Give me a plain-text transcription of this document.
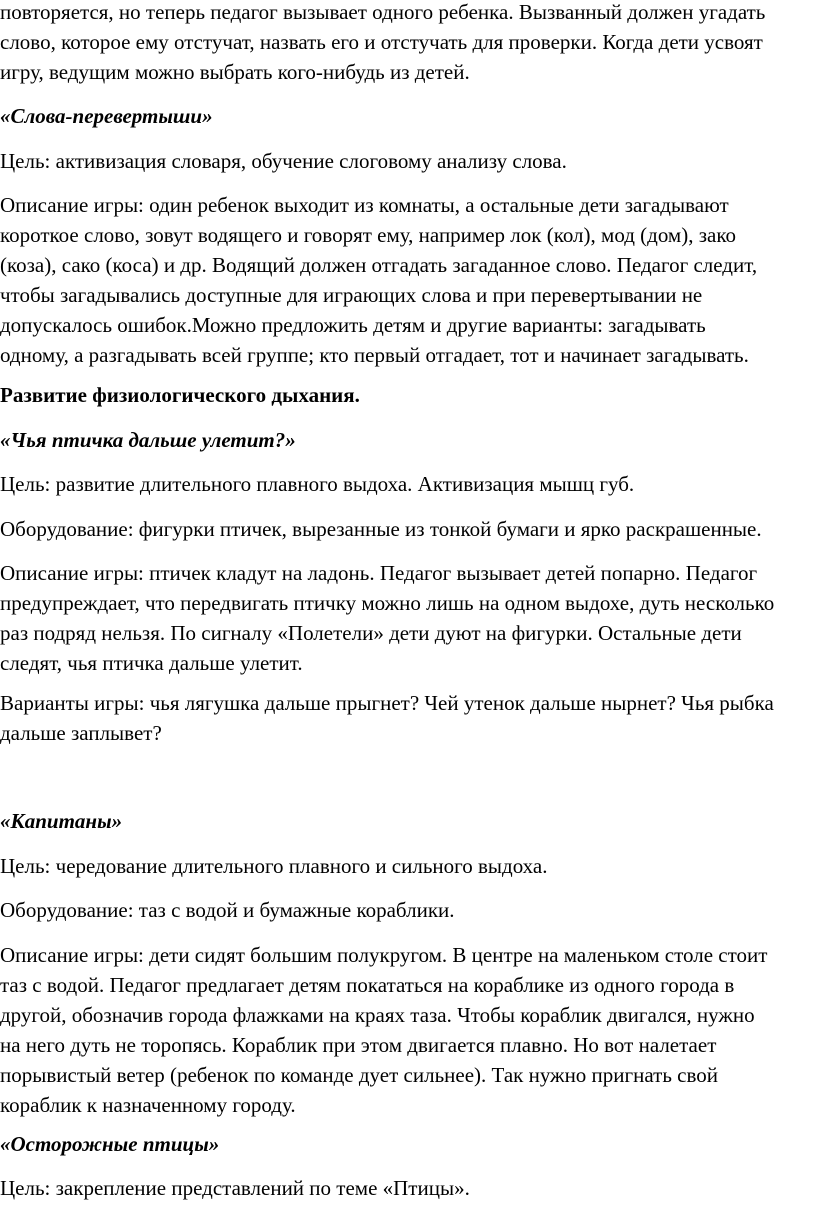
повторяется, но теперь педагог вызывает одного ребенка. Вызванный должен угадать
слово, которое ему отстучат, назвать его и отстучать для проверки. Когда дети усвоят
игру, ведущим можно выбрать кого-нибудь из детей.
«Слова-перевертыши»
Цель: активизация словаря, обучение слоговому анализу слова.
Описание игры: один ребенок выходит из комнаты, а остальные дети загадывают
короткое слово, зовут водящего и говорят ему, например лок (кол), мод (дом), зако
(коза), сако (коса) и др. Водящий должен отгадать загаданное слово. Педагог следит,
чтобы загадывались доступные для играющих слова и при перевертывании не
допускалось ошибок.Можно предложить детям и другие варианты: загадывать
одному, а разгадывать всей группе; кто первый отгадает, тот и начинает загадывать.
Развитие физиологического дыхания.
«Чья птичка дальше улетит?»
Цель: развитие длительного плавного выдоха. Активизация мышц губ.
Оборудование: фигурки птичек, вырезанные из тонкой бумаги и ярко раскрашенные.
Описание игры: птичек кладут на ладонь. Педагог вызывает детей попарно. Педагог
предупреждает, что передвигать птичку можно лишь на одном выдохе, дуть несколько
раз подряд нельзя. По сигналу «Полетели» дети дуют на фигурки. Остальные дети
следят, чья птичка дальше улетит.
Варианты игры: чья лягушка дальше прыгнет? Чей утенок дальше нырнет? Чья рыбка
дальше заплывет?
«Капитаны»
Цель: чередование длительного плавного и сильного выдоха.
Оборудование: таз с водой и бумажные кораблики.
Описание игры: дети сидят большим полукругом. В центре на маленьком столе стоит
таз с водой. Педагог предлагает детям покататься на кораблике из одного города в
другой, обозначив города флажками на краях таза. Чтобы кораблик двигался, нужно
на него дуть не торопясь. Кораблик при этом двигается плавно. Но вот налетает
порывистый ветер (ребенок по команде дует сильнее). Так нужно пригнать свой
кораблик к назначенному городу.
«Осторожные птицы»
Цель: закрепление представлений по теме «Птицы».
